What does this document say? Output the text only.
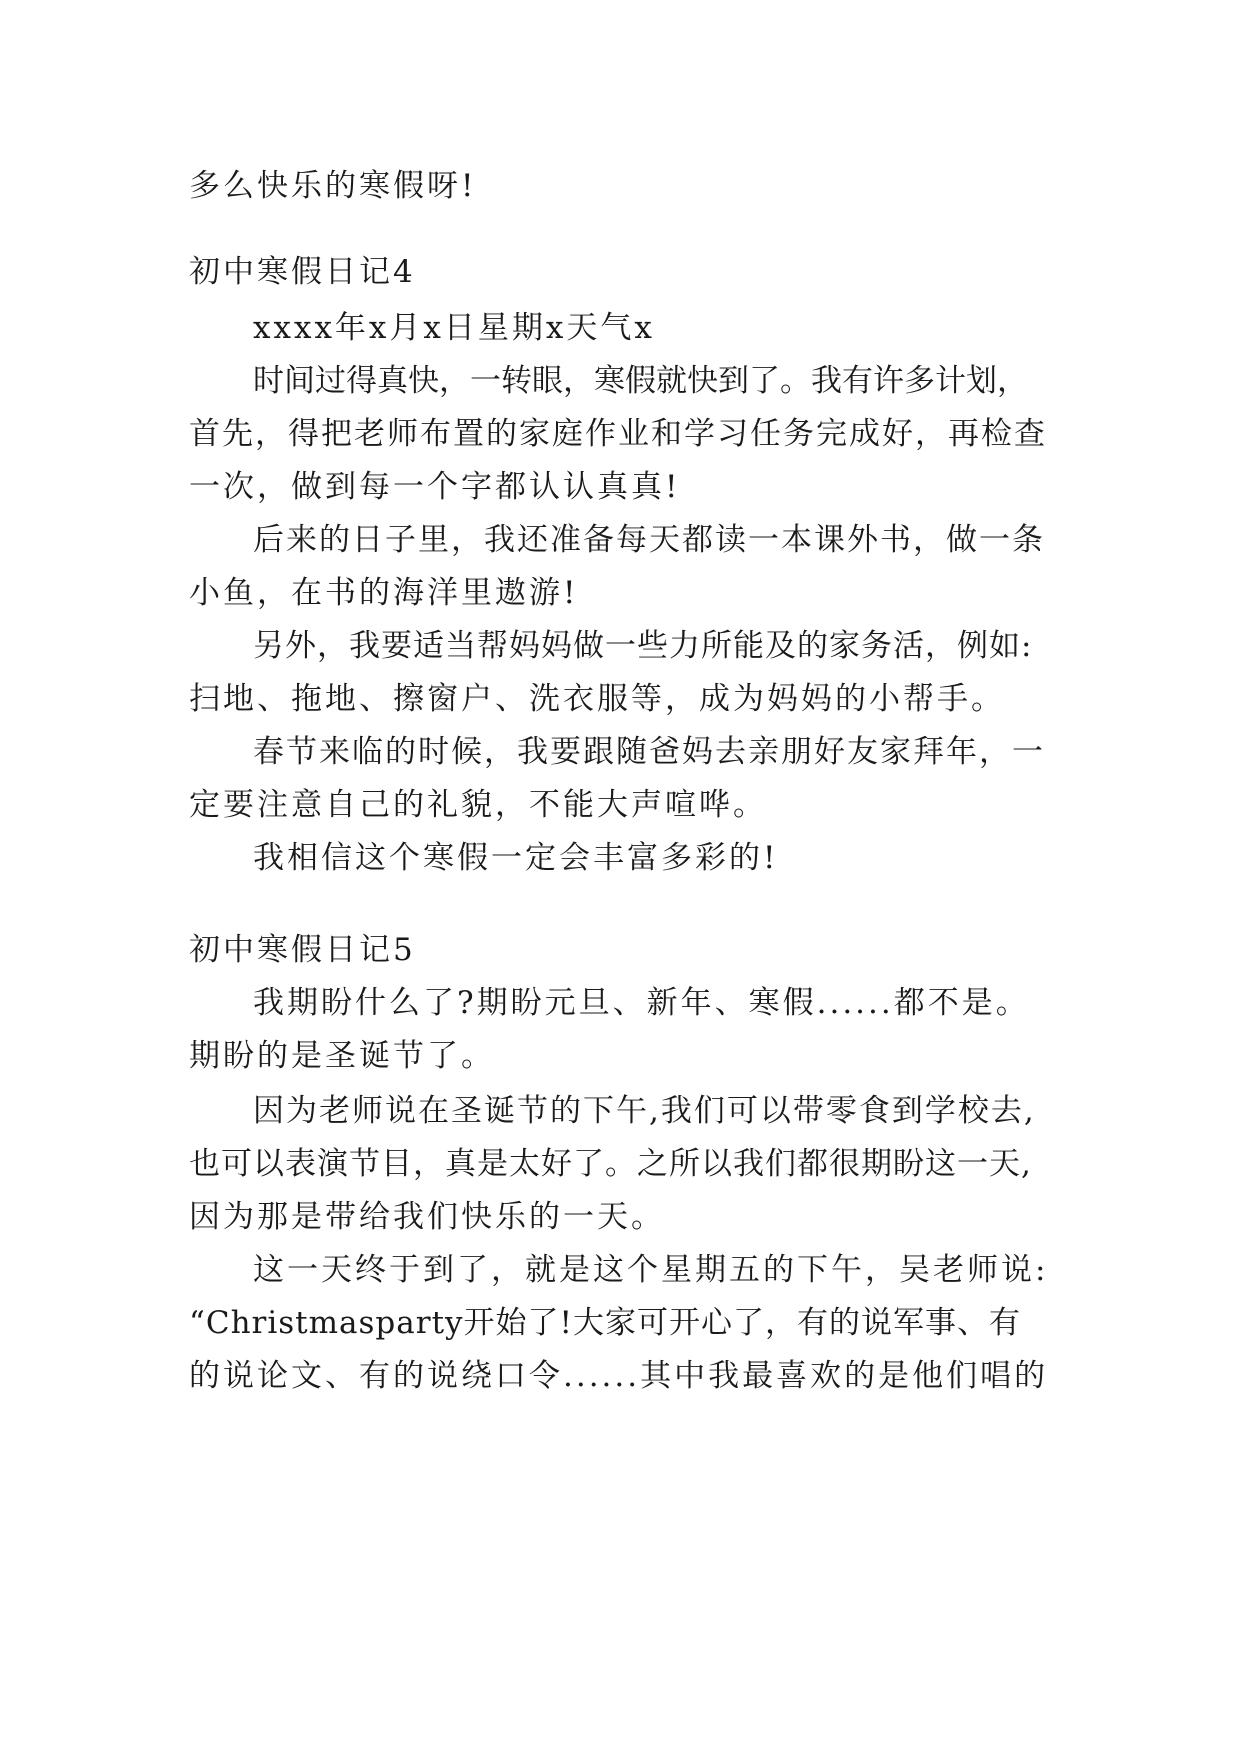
多么快乐的寒假呀!
初中寒假日记4
xxxx年x月x日星期x天气x
时间过得真快，一转眼，寒假就快到了。我有许多计划，
首先，得把老师布置的家庭作业和学习任务完成好，再检查
一次，做到每一个字都认认真真!
后来的日子里，我还准备每天都读一本课外书，做一条
小鱼，在书的海洋里遨游!
另外，我要适当帮妈妈做一些力所能及的家务活，例如:
扫地、拖地、擦窗户、洗衣服等，成为妈妈的小帮手。
春节来临的时候，我要跟随爸妈去亲朋好友家拜年，一
定要注意自己的礼貌，不能大声喧哗。
我相信这个寒假一定会丰富多彩的!
初中寒假日记5
我期盼什么了?期盼元旦、新年、寒假......都不是。
期盼的是圣诞节了。
因为老师说在圣诞节的下午,我们可以带零食到学校去,
也可以表演节目，真是太好了。之所以我们都很期盼这一天,
因为那是带给我们快乐的一天。
这一天终于到了，就是这个星期五的下午，吴老师说:
“Christmasparty开始了!大家可开心了，有的说军事、有
的说论文、有的说绕口令......其中我最喜欢的是他们唱的
